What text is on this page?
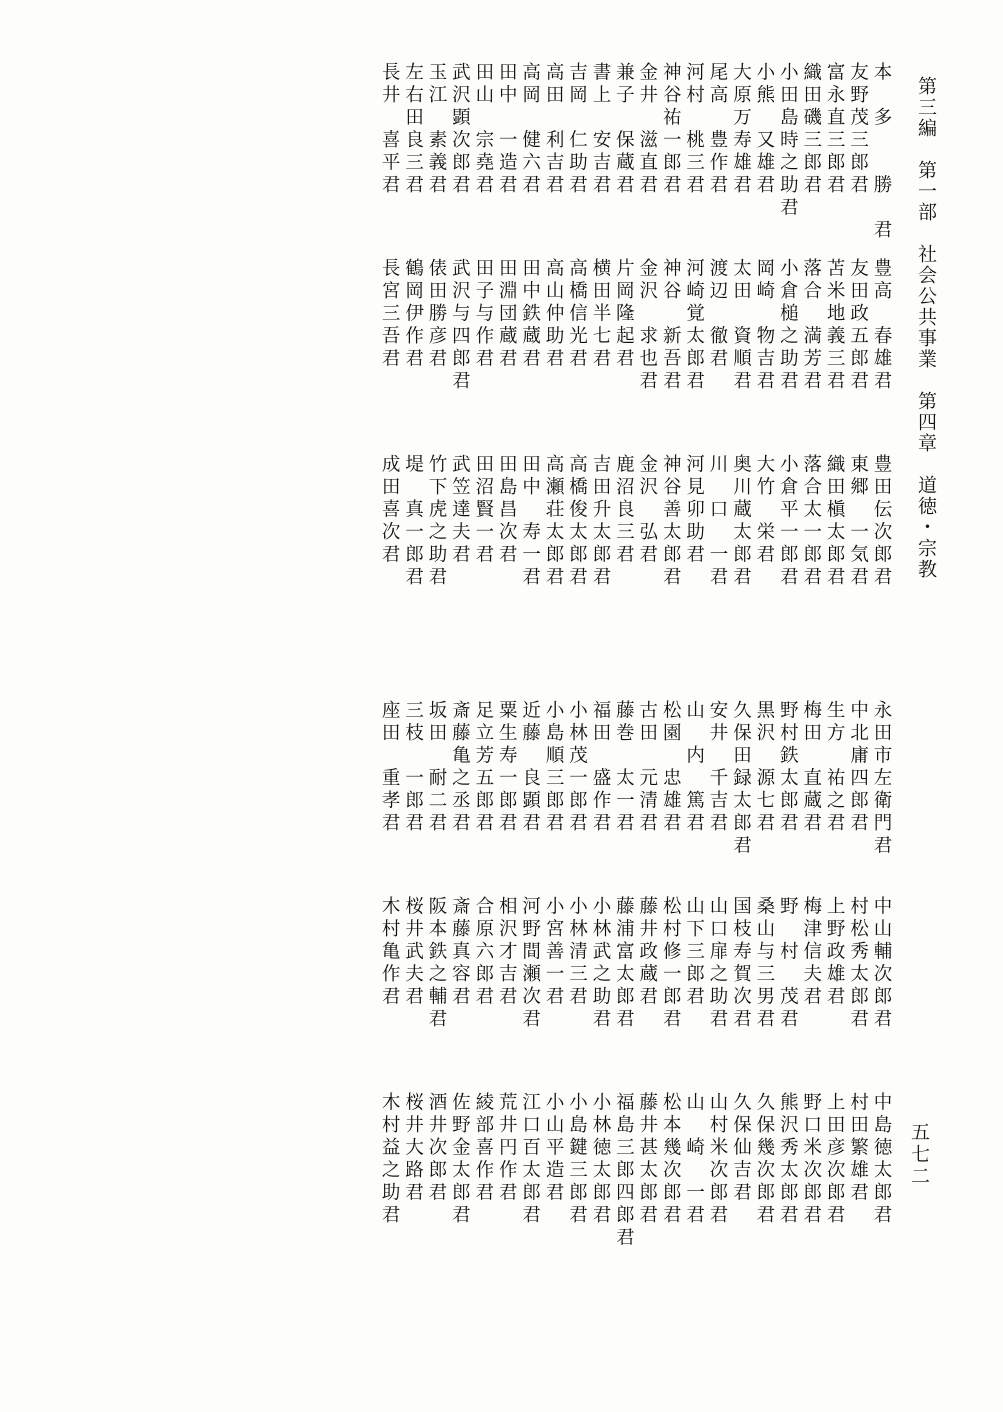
第三編　第一部　社会公共事業　第四章　道徳・宗教
五七二
本　多　　勝　君
豊高　春雄君
豊田伝次郎君
友野茂三郎君
友田政五郎君
東郷　一気君
富永直三郎君
苫米地義三君
織田槇太郎君
織田磯三郎君
落合　満芳君
落合太一郎君
小田島時之助君
小倉槌之助君
小倉平一郎君
小熊　又雄君
岡崎　物吉君
大竹　栄君
大原万寿雄君
太田　資順君
奥川蔵太郎君
尾高　豊作君
渡辺　徹君
川　口　一君
河村　桃三君
河崎覚太郎君
河見卯助君
神谷祐一郎君
神谷　新吾君
神谷善太郎君
金井　滋直君
金沢　求也君
金沢　弘君
兼子　保蔵君
片岡隆起君
鹿沼良三君
書上　安吉君
横田半七君
吉田升太郎君
吉岡　仁助君
高橋信光君
高橋俊太郎君
高田　利吉君
高山仲助君
高瀬荘太郎君
高岡　健六君
田中鉄蔵君
田中　寿一君
田中　一造君
田淵団蔵君
田島昌次君
田山　宗堯君
田子与作君
田沼賢一君
武沢顕次郎君
武沢与四郎君
武笠達夫君
玉江　素義君
俵田勝彦君
竹下虎之助君
左右田良三君
鶴岡伊作君
堤　真一郎君
長井　喜平君
長宮三吾君
成田喜次君
永田市左衛門君
中山輔次郎君
中島徳太郎君
中北庸四郎君
村松秀太郎君
村田繁雄君
生方　祐之君
上野政雄君
上田彦次郎君
梅田　直蔵君
梅津信夫君
野口米次郎君
野村鉄太郎君
野　村　茂君
熊沢秀太郎君
黒沢　源七君
桑山与三男君
久保幾次郎君
久保田録太郎君
国枝寿賀次君
久保仙吉君
安井　千吉君
山口扉之助君
山村米次郎君
山　内　篤君
山下三郎君
山　崎　一君
松園　忠雄君
松村修一郎君
松本幾次郎君
古田　元清君
藤井政蔵君
藤井甚太郎君
藤巻　太一君
藤浦富太郎君
福島三郎四郎君
福田　盛作君
小林武之助君
小林徳太郎君
小林茂一郎君
小林清三君
小島鍵三郎君
小島順三郎君
小宮善一君
小山平造君
近藤　良顕君
河野間瀬次君
江口百太郎君
粟生寿一郎君
相沢才吉君
荒井円作君
足立芳五郎君
合原六郎君
綾部喜作君
斎藤亀之丞君
斎藤真容君
佐野金太郎君
坂田　耐二君
阪本鉄之輔君
酒井次郎君
三枝　一郎君
桜井武夫君
桜井大路君
座田　重孝君
木村亀作君
木村益之助君
